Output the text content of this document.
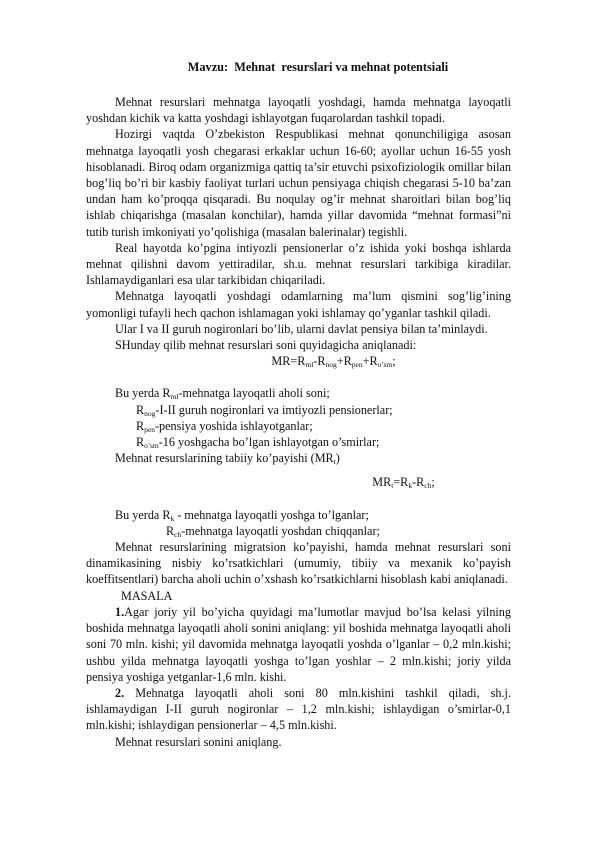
Mavzu:  Mehnat  resurslari va mehnat potentsiali

Mehnat resurslari mehnatga layoqatli yoshdagi, hamda mehnatga layoqatli yoshdan kichik va katta yoshdagi ishlayotgan fuqarolardan tashkil topadi.

Hozirgi vaqtda O’zbekiston Respublikasi mehnat qonunchiligiga asosan mehnatga layoqatli yosh chegarasi erkaklar uchun 16-60; ayollar uchun 16-55 yosh hisoblanadi. Biroq odam organizmiga qattiq ta’sir etuvchi psixofiziologik omillar bilan bog’liq bo’ri bir kasbiy faoliyat turlari uchun pensiyaga chiqish chegarasi 5-10 ba’zan undan ham ko’proqqa qisqaradi. Bu noqulay og’ir mehnat sharoitlari bilan bog’liq ishlab chiqarishga (masalan konchilar), hamda yillar davomida “mehnat formasi”ni tutib turish imkoniyati yo’qolishiga (masalan balerinalar) tegishli.

Real hayotda ko’pgina intiyozli pensionerlar o’z ishida yoki boshqa ishlarda mehnat qilishni davom yettiradilar, sh.u. mehnat resurslari tarkibiga kiradilar. Ishlamaydiganlari esa ular tarkibidan chiqariladi.

Mehnatga layoqatli yoshdagi odamlarning ma’lum qismini sog’lig’ining yomonligi tufayli hech qachon ishlamagan yoki ishlamay qo’yganlar tashkil qiladi.

Ular I va II guruh nogironlari bo’lib, ularni davlat pensiya bilan ta’minlaydi.

SHunday qilib mehnat resurslari soni quyidagicha aniqlanadi:

$MR=R_{ml}-R_{nog}+R_{pen}+R_{o’sm}$;

Bu yerda $R_{ml}$-mehnatga layoqatli aholi soni;

$R_{nog}-I-II$ guruh nogironlari va imtiyozli pensionerlar;

$R_{pen}$-pensiya yoshida ishlayotganlar;

$R_{o’sm}-16$ yoshgacha bo’lgan ishlayotgan o’smirlar;

Mehnat resurslarining tabiiy ko’payishi $(MR_t)$

$MR_t=R_k-R_{ch}$;

Bu yerda $R_k$ - mehnatga layoqatli yoshga to’lganlar;

$R_{ch}$-mehnatga layoqatli yoshdan chiqqanlar;

Mehnat resurslarining migratsion ko’payishi, hamda mehnat resurslari soni dinamikasining nisbiy ko’rsatkichlari (umumiy, tibiiy va mexanik ko’payish koeffitsentlari) barcha aholi uchin o’xshash ko’rsatkichlarni hisoblash kabi aniqlanadi.

MASALA

1.Agar joriy yil bo’yicha quyidagi ma’lumotlar mavjud bo’lsa kelasi yilning boshida mehnatga layoqatli aholi sonini aniqlang: yil boshida mehnatga layoqatli aholi soni 70 mln. kishi; yil davomida mehnatga layoqatli yoshda o’lganlar – 0,2 mln.kishi; ushbu yilda mehnatga layoqatli yoshga to’lgan yoshlar – 2 mln.kishi; joriy yilda pensiya yoshiga yetganlar-1,6 mln. kishi.

2. Mehnatga layoqatli aholi soni 80 mln.kishini tashkil qiladi, sh.j. ishlamaydigan I-II guruh nogironlar – 1,2 mln.kishi; ishlaydigan o’smirlar-0,1 mln.kishi; ishlaydigan pensionerlar – 4,5 mln.kishi.

Mehnat resurslari sonini aniqlang.
